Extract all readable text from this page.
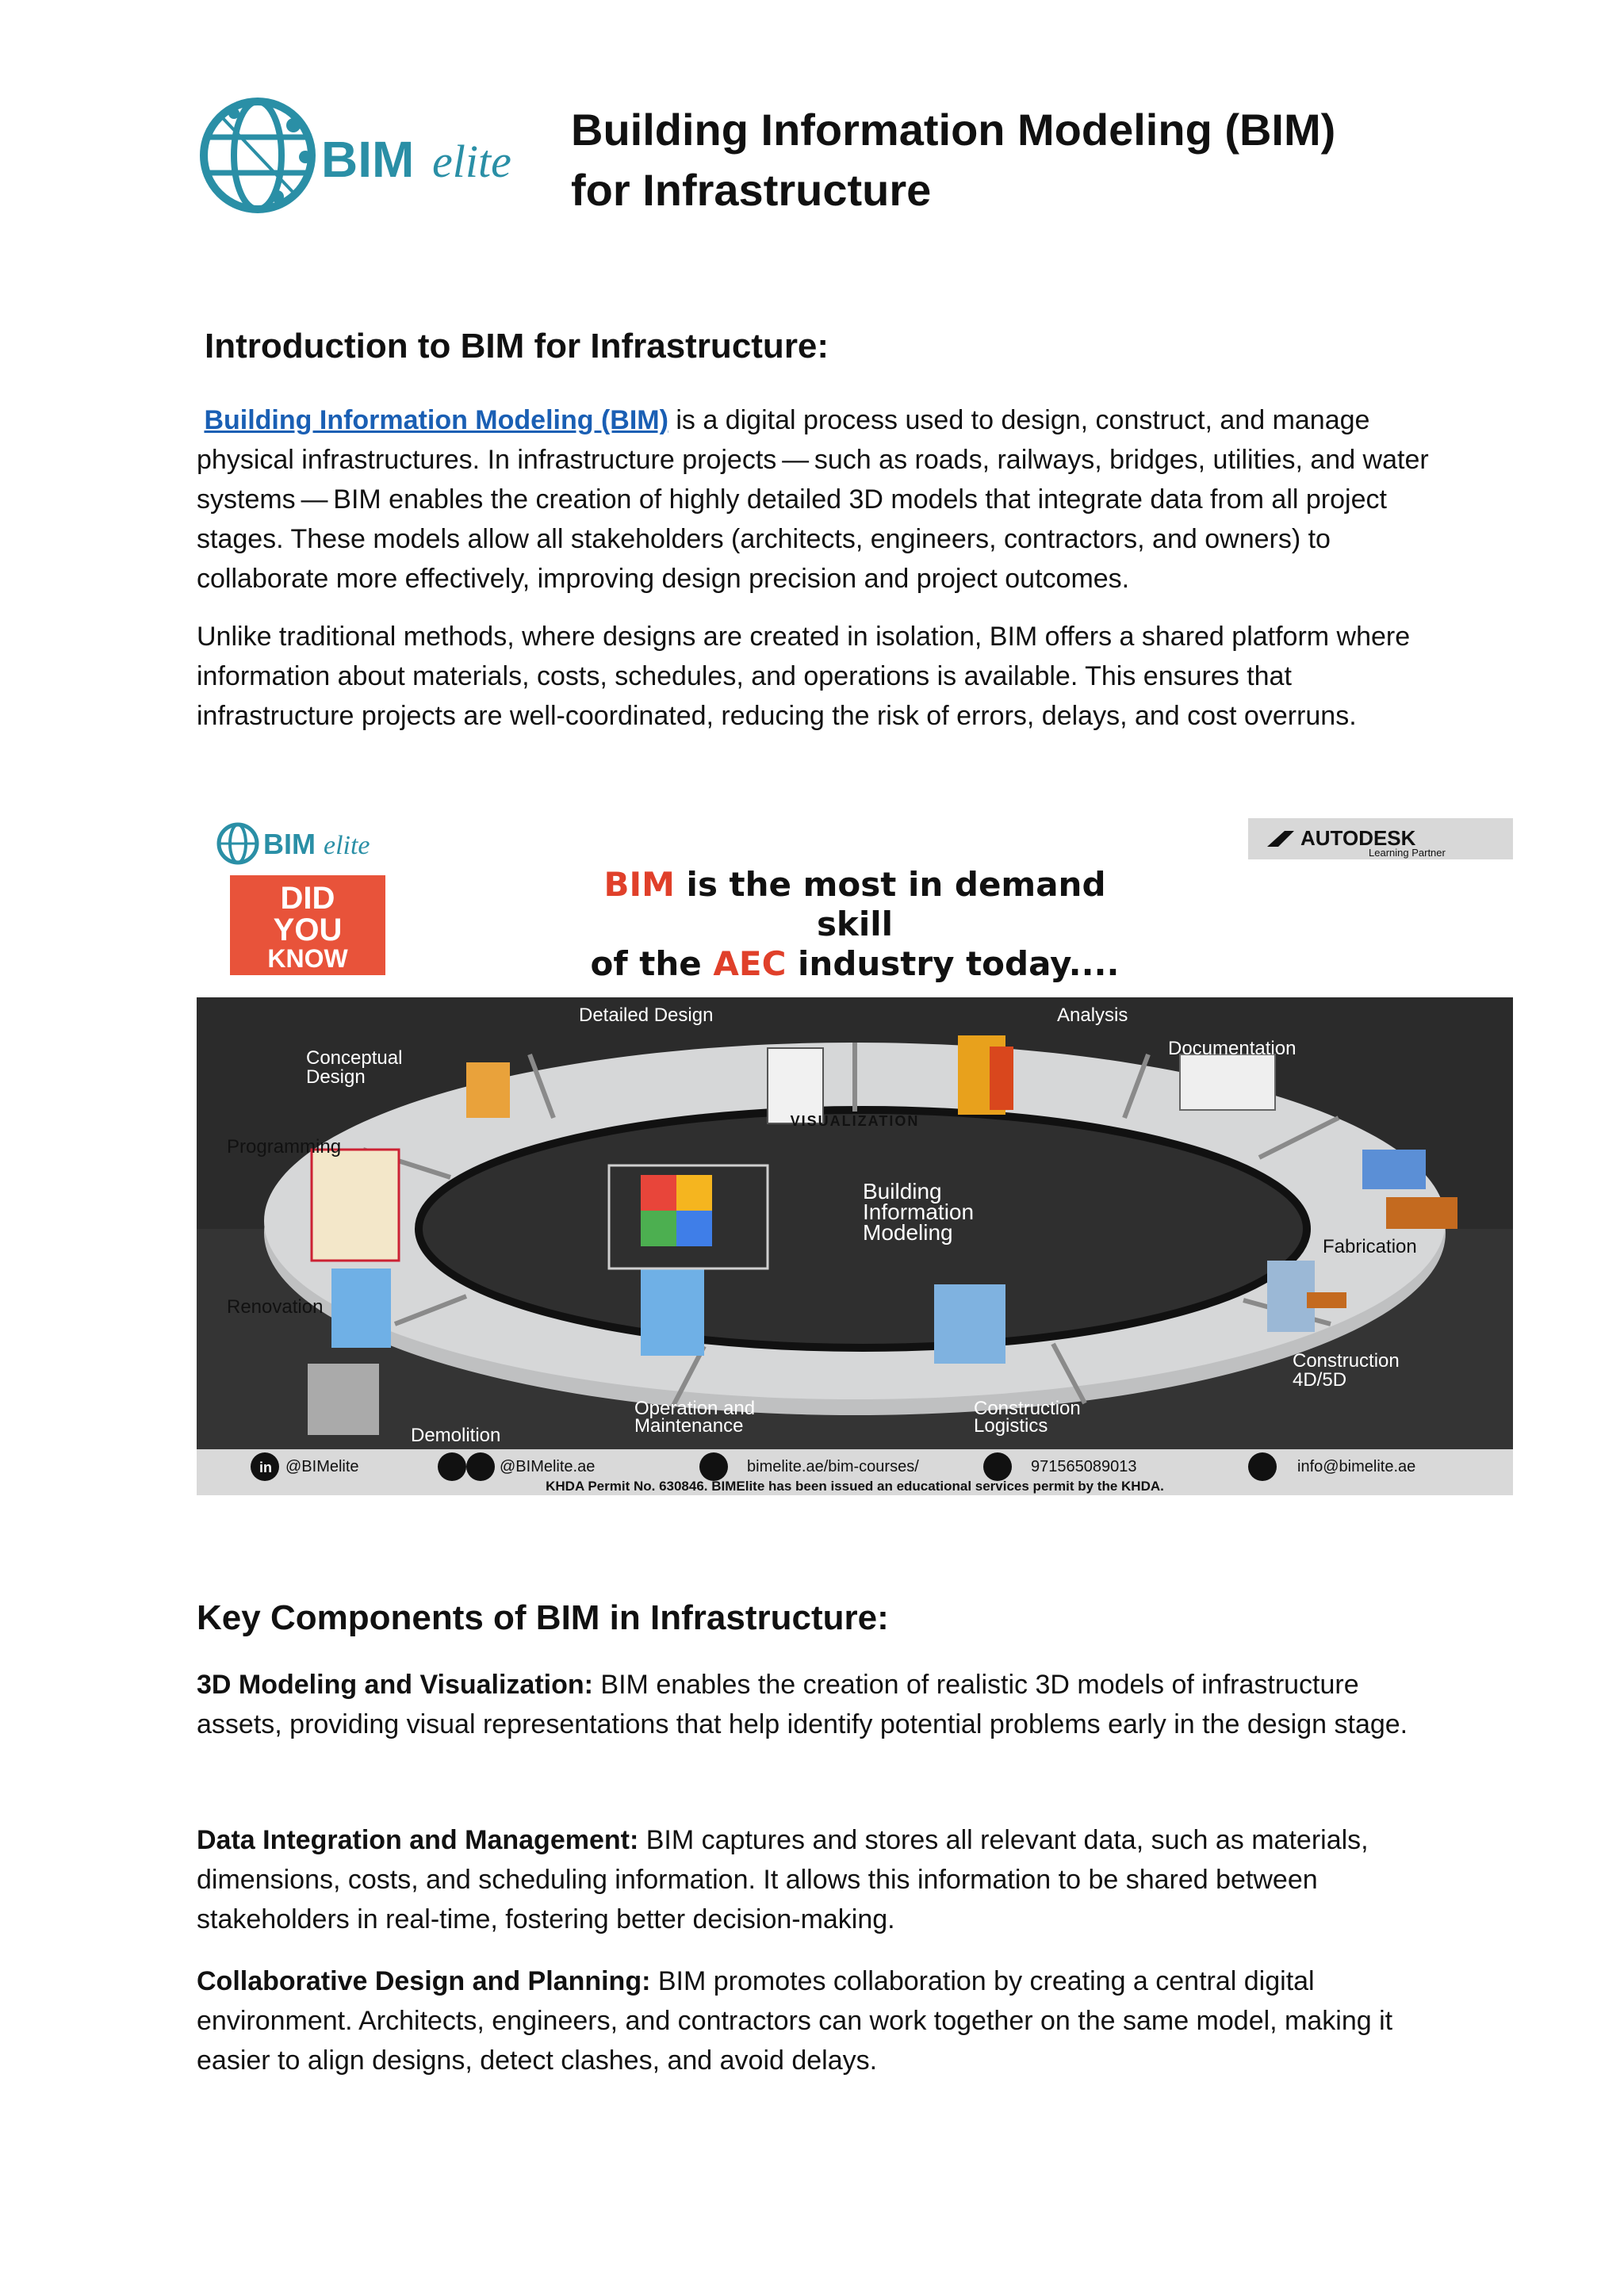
BIM elite
Building Information Modeling (BIM)
for Infrastructure
Introduction to BIM for Infrastructure:

Building Information Modeling (BIM) is a digital process used to design, construct, and manage physical infrastructures. In infrastructure projects — such as roads, railways, bridges, utilities, and water systems — BIM enables the creation of highly detailed 3D models that integrate data from all project stages. These models allow all stakeholders (architects, engineers, contractors, and owners) to collaborate more effectively, improving design precision and project outcomes.

Unlike traditional methods, where designs are created in isolation, BIM offers a shared platform where information about materials, costs, schedules, and operations is available. This ensures that infrastructure projects are well-coordinated, reducing the risk of errors, delays, and cost overruns.

BIM elite	AUTODESK
Learning Partner
DID
YOU
KNOW
BIM is the most in demand
skill
of the AEC industry today....
Building
Information
Modeling
VISUALIZATION
Detailed Design	Analysis
Documentation
Conceptual
Design
Programming
Fabrication
Renovation
Construction
4D/5D
Demolition
Operation and
Maintenance
Construction
Logistics
in @BIMelite	@BIMelite.ae	bimelite.ae/bim-courses/	971565089013	info@bimelite.ae
KHDA Permit No. 630846. BIMElite has been issued an educational services permit by the KHDA.
Key Components of BIM in Infrastructure:

3D Modeling and Visualization: BIM enables the creation of realistic 3D models of infrastructure assets, providing visual representations that help identify potential problems early in the design stage.

Data Integration and Management: BIM captures and stores all relevant data, such as materials, dimensions, costs, and scheduling information. It allows this information to be shared between stakeholders in real-time, fostering better decision-making.

Collaborative Design and Planning: BIM promotes collaboration by creating a central digital environment. Architects, engineers, and contractors can work together on the same model, making it easier to align designs, detect clashes, and avoid delays.
